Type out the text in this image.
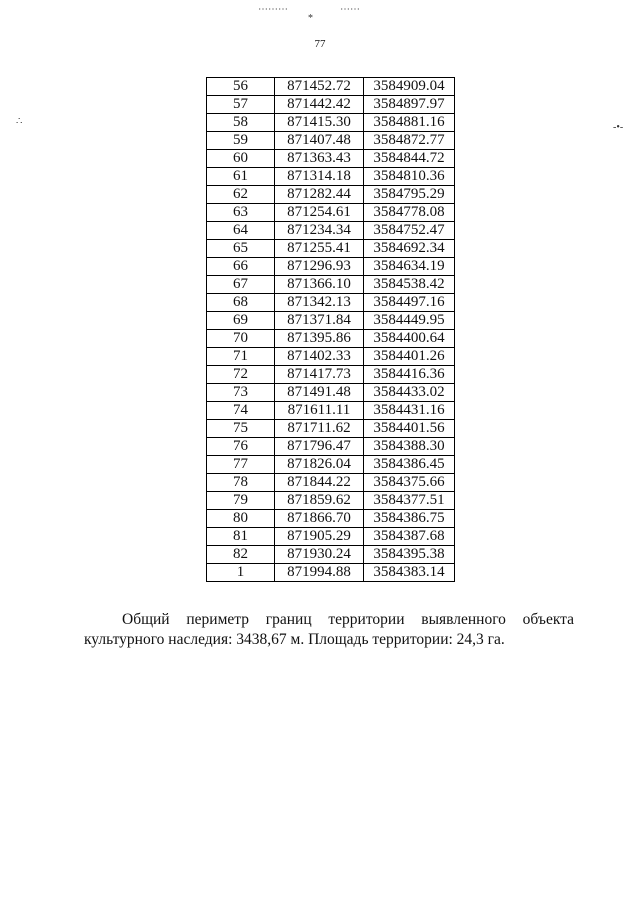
77
⋯⋯⋯	⋯⋯
*
∴
-•-
56	871452.72	3584909.04
57	871442.42	3584897.97
58	871415.30	3584881.16
59	871407.48	3584872.77
60	871363.43	3584844.72
61	871314.18	3584810.36
62	871282.44	3584795.29
63	871254.61	3584778.08
64	871234.34	3584752.47
65	871255.41	3584692.34
66	871296.93	3584634.19
67	871366.10	3584538.42
68	871342.13	3584497.16
69	871371.84	3584449.95
70	871395.86	3584400.64
71	871402.33	3584401.26
72	871417.73	3584416.36
73	871491.48	3584433.02
74	871611.11	3584431.16
75	871711.62	3584401.56
76	871796.47	3584388.30
77	871826.04	3584386.45
78	871844.22	3584375.66
79	871859.62	3584377.51
80	871866.70	3584386.75
81	871905.29	3584387.68
82	871930.24	3584395.38
1	871994.88	3584383.14
Общий периметр границ территории выявленного объекта культурного наследия: 3438,67 м. Площадь территории: 24,3 га.
